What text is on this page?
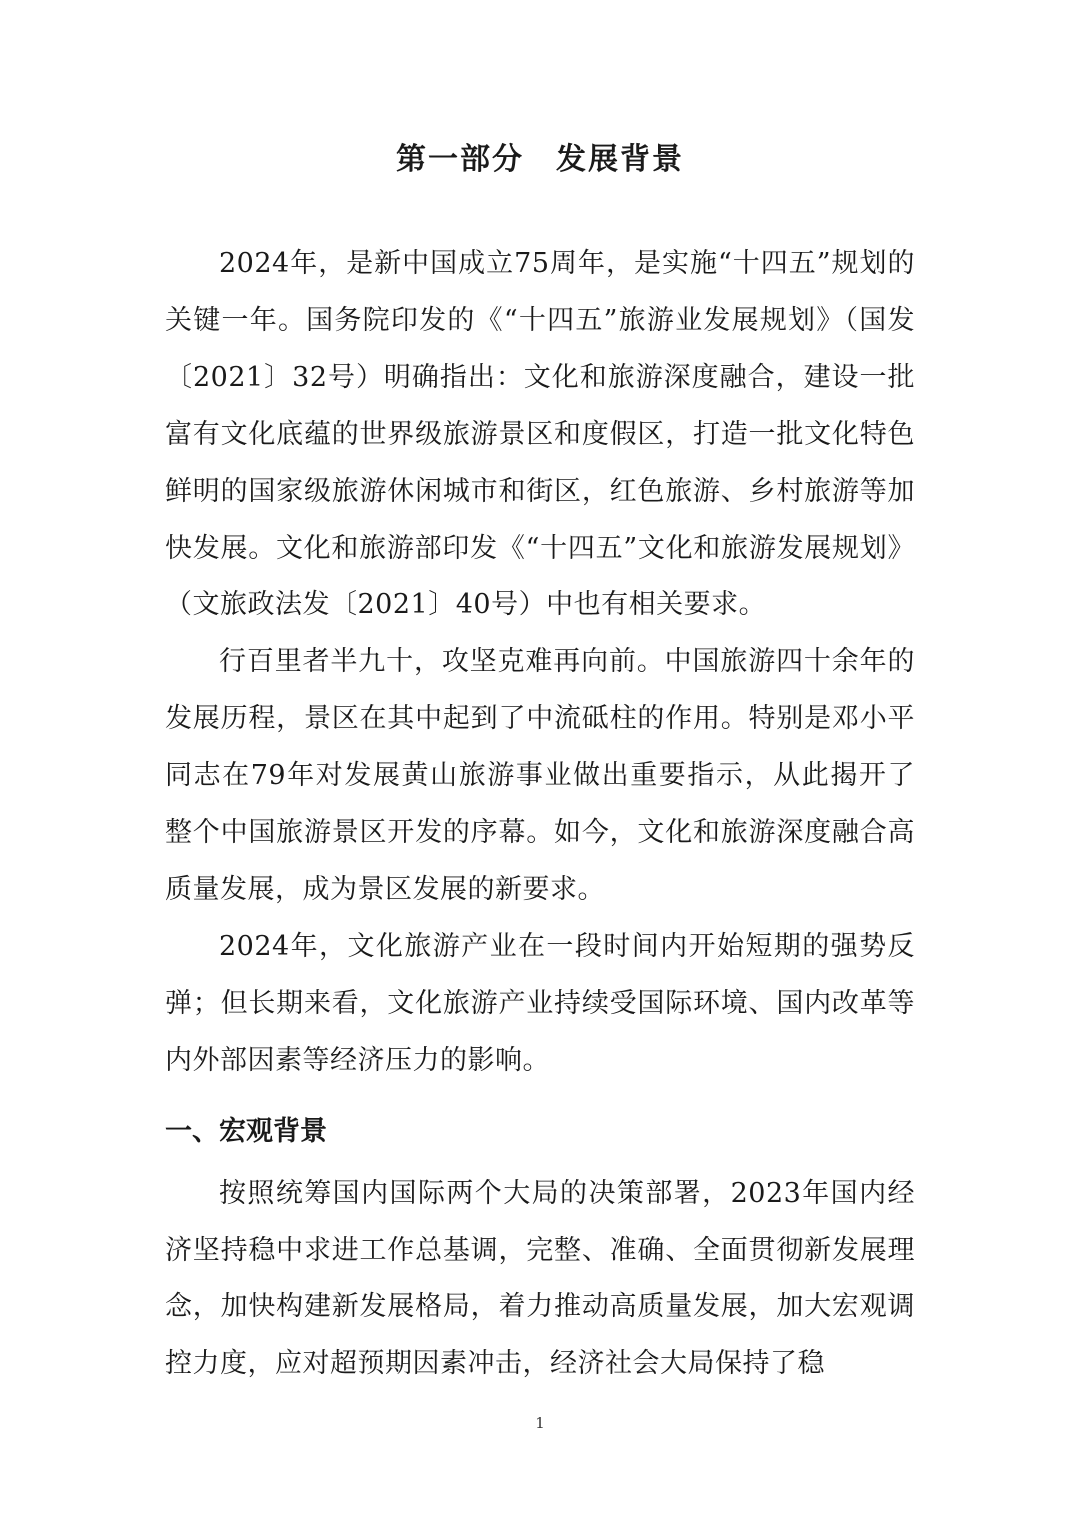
第一部分 发展背景

2024年，是新中国成立75周年，是实施“十四五”规划的关键一年。国务院印发的《“十四五”旅游业发展规划》（国发〔2021〕32号）明确指出：文化和旅游深度融合，建设一批富有文化底蕴的世界级旅游景区和度假区，打造一批文化特色鲜明的国家级旅游休闲城市和街区，红色旅游、乡村旅游等加快发展。文化和旅游部印发《“十四五”文化和旅游发展规划》（文旅政法发〔2021〕40号）中也有相关要求。

行百里者半九十，攻坚克难再向前。中国旅游四十余年的发展历程，景区在其中起到了中流砥柱的作用。特别是邓小平同志在79年对发展黄山旅游事业做出重要指示，从此揭开了整个中国旅游景区开发的序幕。如今，文化和旅游深度融合高质量发展，成为景区发展的新要求。

2024年，文化旅游产业在一段时间内开始短期的强势反弹；但长期来看，文化旅游产业持续受国际环境、国内改革等内外部因素等经济压力的影响。

一、宏观背景

按照统筹国内国际两个大局的决策部署，2023年国内经济坚持稳中求进工作总基调，完整、准确、全面贯彻新发展理念，加快构建新发展格局，着力推动高质量发展，加大宏观调控力度，应对超预期因素冲击，经济社会大局保持了稳

1
